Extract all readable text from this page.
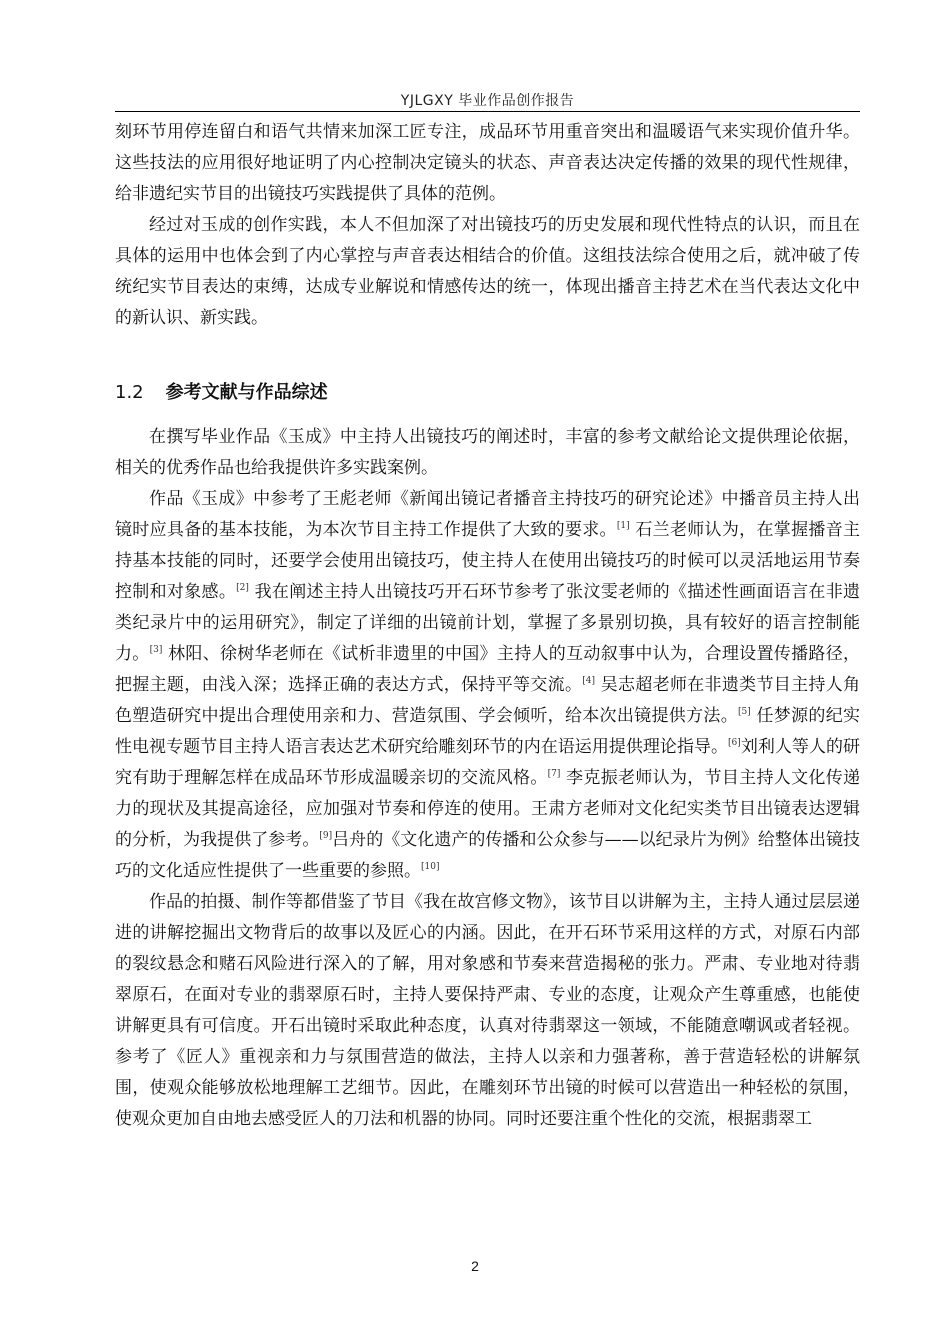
YJLGXY 毕业作品创作报告

刻环节用停连留白和语气共情来加深工匠专注，成品环节用重音突出和温暖语气来实现价值升华。这些技法的应用很好地证明了内心控制决定镜头的状态、声音表达决定传播的效果的现代性规律，给非遗纪实节目的出镜技巧实践提供了具体的范例。

经过对玉成的创作实践，本人不但加深了对出镜技巧的历史发展和现代性特点的认识，而且在具体的运用中也体会到了内心掌控与声音表达相结合的价值。这组技法综合使用之后，就冲破了传统纪实节目表达的束缚，达成专业解说和情感传达的统一，体现出播音主持艺术在当代表达文化中的新认识、新实践。

1.2 参考文献与作品综述

在撰写毕业作品《玉成》中主持人出镜技巧的阐述时，丰富的参考文献给论文提供理论依据，相关的优秀作品也给我提供许多实践案例。

作品《玉成》中参考了王彪老师《新闻出镜记者播音主持技巧的研究论述》中播音员主持人出镜时应具备的基本技能，为本次节目主持工作提供了大致的要求。[1] 石兰老师认为，在掌握播音主持基本技能的同时，还要学会使用出镜技巧，使主持人在使用出镜技巧的时候可以灵活地运用节奏控制和对象感。[2] 我在阐述主持人出镜技巧开石环节参考了张汶雯老师的《描述性画面语言在非遗类纪录片中的运用研究》，制定了详细的出镜前计划，掌握了多景别切换，具有较好的语言控制能力。[3] 林阳、徐树华老师在《试析非遗里的中国》主持人的互动叙事中认为，合理设置传播路径，把握主题，由浅入深；选择正确的表达方式，保持平等交流。[4] 吴志超老师在非遗类节目主持人角色塑造研究中提出合理使用亲和力、营造氛围、学会倾听，给本次出镜提供方法。[5] 任梦源的纪实性电视专题节目主持人语言表达艺术研究给雕刻环节的内在语运用提供理论指导。[6]刘利人等人的研究有助于理解怎样在成品环节形成温暖亲切的交流风格。[7] 李克振老师认为，节目主持人文化传递力的现状及其提高途径，应加强对节奏和停连的使用。王肃方老师对文化纪实类节目出镜表达逻辑的分析，为我提供了参考。[9]吕舟的《文化遗产的传播和公众参与——以纪录片为例》给整体出镜技巧的文化适应性提供了一些重要的参照。[10]

作品的拍摄、制作等都借鉴了节目《我在故宫修文物》，该节目以讲解为主，主持人通过层层递进的讲解挖掘出文物背后的故事以及匠心的内涵。因此，在开石环节采用这样的方式，对原石内部的裂纹悬念和赌石风险进行深入的了解，用对象感和节奏来营造揭秘的张力。严肃、专业地对待翡翠原石，在面对专业的翡翠原石时，主持人要保持严肃、专业的态度，让观众产生尊重感，也能使讲解更具有可信度。开石出镜时采取此种态度，认真对待翡翠这一领域，不能随意嘲讽或者轻视。参考了《匠人》重视亲和力与氛围营造的做法，主持人以亲和力强著称，善于营造轻松的讲解氛围，使观众能够放松地理解工艺细节。因此，在雕刻环节出镜的时候可以营造出一种轻松的氛围，使观众更加自由地去感受匠人的刀法和机器的协同。同时还要注重个性化的交流，根据翡翠工

2
